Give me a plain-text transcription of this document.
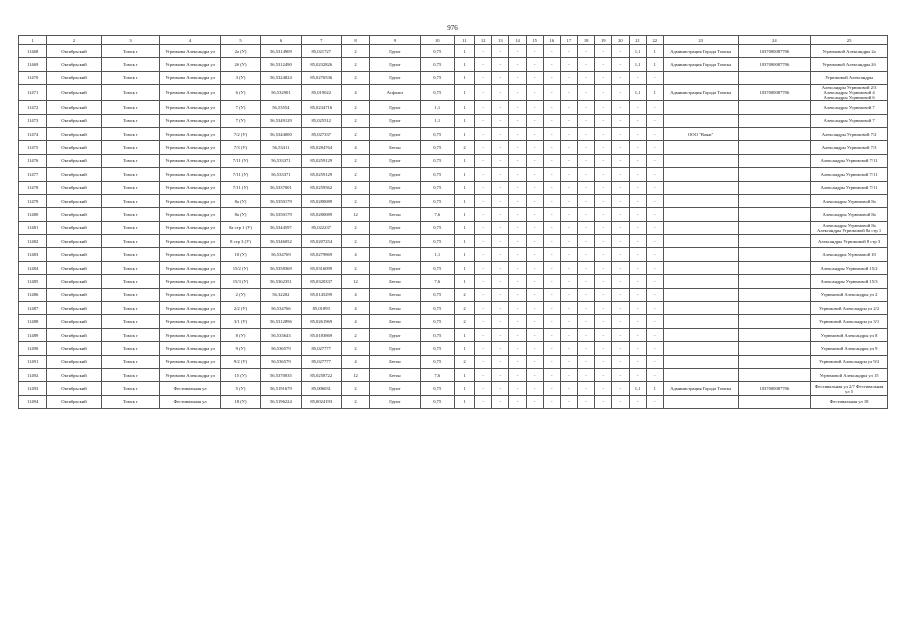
976
1	2	3	4	5	6	7	8	9	10	11	12	13	14	15	16	17	18	19	20	21	22	23	24	25
11468	Октябрьский	Томск г	Угрюмова Александра ул	2а (У)	56,5314909	85,021727	2	Грунт	0,75	1	-	-	-	-	-	-	-	-	-	1,1	1	Администрация Города Томска	1037000087706	Угрюмовой Александры 2а
11469	Октябрьский	Томск г	Угрюмова Александра ул	2б (У)	56,5312490	85,0232826	2	Грунт	0,75	1	-	-	-	-	-	-	-	-	-	1,1	1	Администрация Города Томска	1037000087706	Угрюмовой Александры 2б
11470	Октябрьский	Томск г	Угрюмова Александра ул	3 (У)	56,5324824	85,0276536	2	Грунт	0,75	1	-	-	-	-	-	-	-	-	-	-	-			Угрюмовой Александры
11471	Октябрьский	Томск г	Угрюмова Александра ул	6 (У)	56,532901	85,019022	4	Асфальт	0,75	1	-	-	-	-	-	-	-	-	-	1,1	1	Администрация Города Томска	1037000087706	Александры Угрюмовой 2/3 Александры Угрюмовой 4 Александры Угрюмовой 6
11472	Октябрьский	Томск г	Угрюмова Александра ул	7 (У)	56,53554	85,0234716	2	Грунт	1,1	1	-	-	-	-	-	-	-	-	-	-	-			Александры Угрюмовой 7
11473	Октябрьский	Томск г	Угрюмова Александра ул	7 (У)	56,5349129	85,025512	2	Грунт	1,1	1	-	-	-	-	-	-	-	-	-	-	-			Александры Угрюмовой 7
11474	Октябрьский	Томск г	Угрюмова Александра ул	7/2 (У)	56,5344000	85,027337	2	Грунт	0,75	1	-	-	-	-	-	-	-	-	-	-	-	ООО "Вояж"		Александры Угрюмовой 7/2
11475	Октябрьский	Томск г	Угрюмова Александра ул	7/3 (У)	56,53411	85,0284764	4	Бетон	0,75	2	-	-	-	-	-	-	-	-	-	-	-			Александры Угрюмовой 7/3
11476	Октябрьский	Томск г	Угрюмова Александра ул	7/11 (У)	56,533371	85,0259129	2	Грунт	0,75	1	-	-	-	-	-	-	-	-	-	-	-			Александры Угрюмовой 7/11
11477	Октябрьский	Томск г	Угрюмова Александра ул	7/11 (У)	56,533371	85,0259129	2	Грунт	0,75	1	-	-	-	-	-	-	-	-	-	-	-			Александры Угрюмовой 7/11
11478	Октябрьский	Томск г	Угрюмова Александра ул	7/11 (У)	56,5337001	85,0259562	2	Грунт	0,75	1	-	-	-	-	-	-	-	-	-	-	-			Александры Угрюмовой 7/11
11479	Октябрьский	Томск г	Угрюмова Александра ул	8а (У)	56,5350179	85,0280089	2	Грунт	0,75	1	-	-	-	-	-	-	-	-	-	-	-			Александры Угрюмовой 8а
11480	Октябрьский	Томск г	Угрюмова Александра ул	8а (У)	56,5350179	85,0280089	12	Бетон	7,6	1	-	-	-	-	-	-	-	-	-	-	-			Александры Угрюмовой 8а
11481	Октябрьский	Томск г	Угрюмова Александра ул	8а стр 1 (У)	56,5344597	85,022237	2	Грунт	0,75	1	-	-	-	-	-	-	-	-	-	-	-			Александры Угрюмовой 8а Александры Угрюмовой 8а стр 1
11482	Октябрьский	Томск г	Угрюмова Александра ул	8 стр 3 (У)	56,5346052	85,0207254	2	Грунт	0,75	1	-	-	-	-	-	-	-	-	-	-	-			Александры Угрюмовой 8 стр 3
11483	Октябрьский	Томск г	Угрюмова Александра ул	10 (У)	56,534769	85,0279869	4	Бетон	1,1	1	-	-	-	-	-	-	-	-	-	-	-			Александры Угрюмовой 10
11484	Октябрьский	Томск г	Угрюмова Александра ул	15/2 (У)	56,5358369	85,0316099	2	Грунт	0,75	1	-	-	-	-	-	-	-	-	-	-	-			Александры Угрюмовой 15/2
11485	Октябрьский	Томск г	Угрюмова Александра ул	15/3 (У)	56,5362351	85,0320337	12	Бетон	7,6	1	-	-	-	-	-	-	-	-	-	-	-			Александры Угрюмовой 15/3
11486	Октябрьский	Томск г	Угрюмова Александра ул	2 (У)	56,32202	85,0145299	4	Бетон	0,75	2	-	-	-	-	-	-	-	-	-	-	-			Угрюмовой Александры ул 2
11487	Октябрьский	Томск г	Угрюмова Александра ул	2/2 (У)	56,534766	85,01893	4	Бетон	0,75	2	-	-	-	-	-	-	-	-	-	-	-			Угрюмовой Александры ул 2/2
11488	Октябрьский	Томск г	Угрюмова Александра ул	3/1 (У)	56,5312896	85,0261969	4	Бетон	0,75	2	-	-	-	-	-	-	-	-	-	-	-			Угрюмовой Александры ул 3/1
11489	Октябрьский	Томск г	Угрюмова Александра ул	8 (У)	56,533643	85,0183869	2	Грунт	0,75	1	-	-	-	-	-	-	-	-	-	-	-			Угрюмовой Александры ул 8
11490	Октябрьский	Томск г	Угрюмова Александра ул	9 (У)	56,536579	85,027777	2	Грунт	0,75	1	-	-	-	-	-	-	-	-	-	-	-			Угрюмовой Александры ул 9
11491	Октябрьский	Томск г	Угрюмова Александра ул	9/2 (У)	56,536579	85,027777	4	Бетон	0,75	2	-	-	-	-	-	-	-	-	-	-	-			Угрюмовой Александры ул 9/2
11492	Октябрьский	Томск г	Угрюмова Александра ул	15 (У)	56,5370035	85,0258722	12	Бетон	7,6	1	-	-	-	-	-	-	-	-	-	-	-			Угрюмовой Александры ул 15
11493	Октябрьский	Томск г	Фестивальная ул	5 (У)	56,5191679	85,006031	2	Грунт	0,75	1	-	-	-	-	-	-	-	-	-	1,1	1	Администрация Города Томска	1037000087706	Фестивальная ул 2/7 Фестивальная ул 5
11494	Октябрьский	Томск г	Фестивальная ул	18 (У)	56,5196224	85,0024193	2	Грунт	0,75	1	-	-	-	-	-	-	-	-	-	-	-			Фестивальная ул 18
